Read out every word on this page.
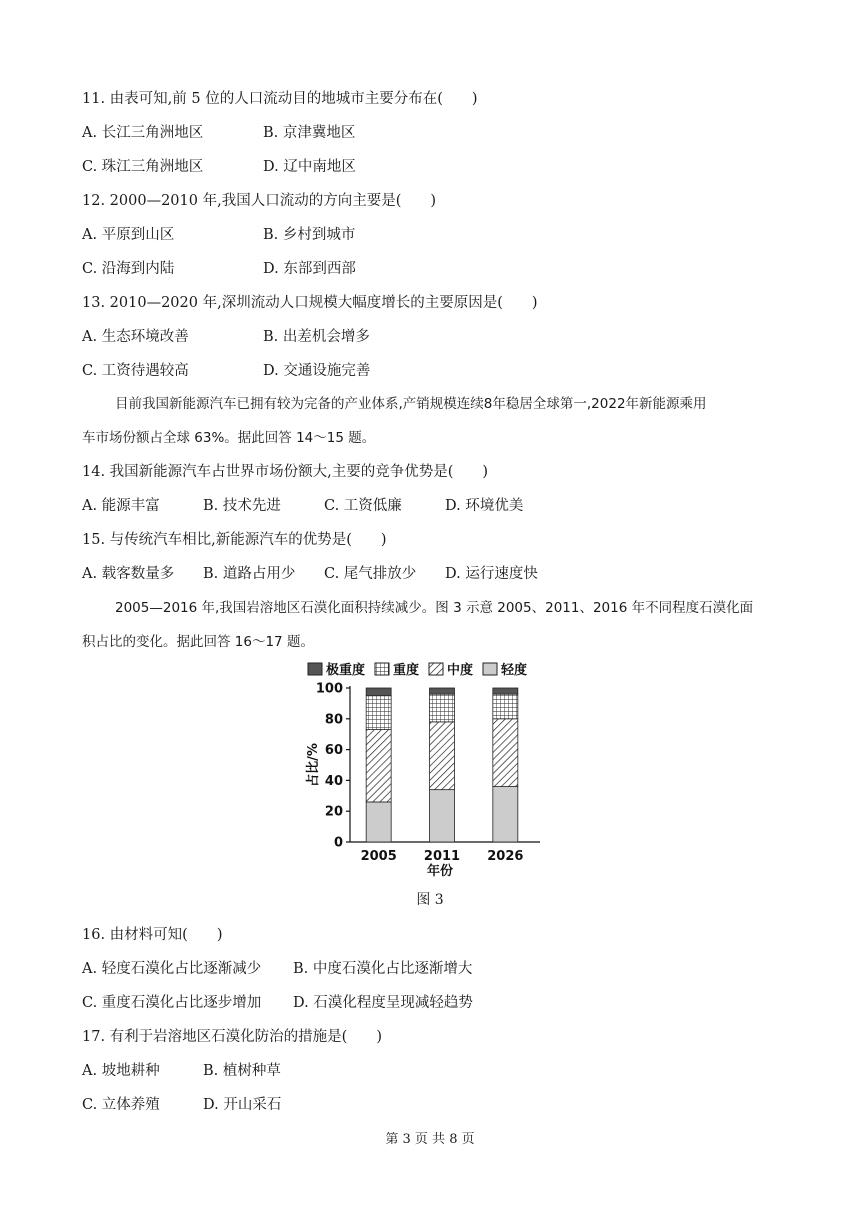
11. 由表可知,前 5 位的人口流动目的地城市主要分布在(　　)
A. 长江三角洲地区	B. 京津冀地区
C. 珠江三角洲地区	D. 辽中南地区
12. 2000—2010 年,我国人口流动的方向主要是(　　)
A. 平原到山区	B. 乡村到城市
C. 沿海到内陆	D. 东部到西部
13. 2010—2020 年,深圳流动人口规模大幅度增长的主要原因是(　　)
A. 生态环境改善	B. 出差机会增多
C. 工资待遇较高	D. 交通设施完善
目前我国新能源汽车已拥有较为完备的产业体系,产销规模连续8年稳居全球第一,2022年新能源乘用
车市场份额占全球 63%。据此回答 14～15 题。
14. 我国新能源汽车占世界市场份额大,主要的竞争优势是(　　)
A. 能源丰富	B. 技术先进	C. 工资低廉	D. 环境优美
15. 与传统汽车相比,新能源汽车的优势是(　　)
A. 载客数量多 B. 道路占用少 C. 尾气排放少 D. 运行速度快
2005—2016 年,我国岩溶地区石漠化面积持续减少。图 3 示意 2005、2011、2016 年不同程度石漠化面
积占比的变化。据此回答 16～17 题。
极重度 重度 中度 轻度
0
20
40
60
80
100
占比/%
2005 2011 2026
年份
图 3
16. 由材料可知(　　)
A. 轻度石漠化占比逐渐减少 B. 中度石漠化占比逐渐增大
C. 重度石漠化占比逐步增加 D. 石漠化程度呈现减轻趋势
17. 有利于岩溶地区石漠化防治的措施是(　　)
A. 坡地耕种	B. 植树种草
C. 立体养殖	D. 开山采石
第 3 页 共 8 页
